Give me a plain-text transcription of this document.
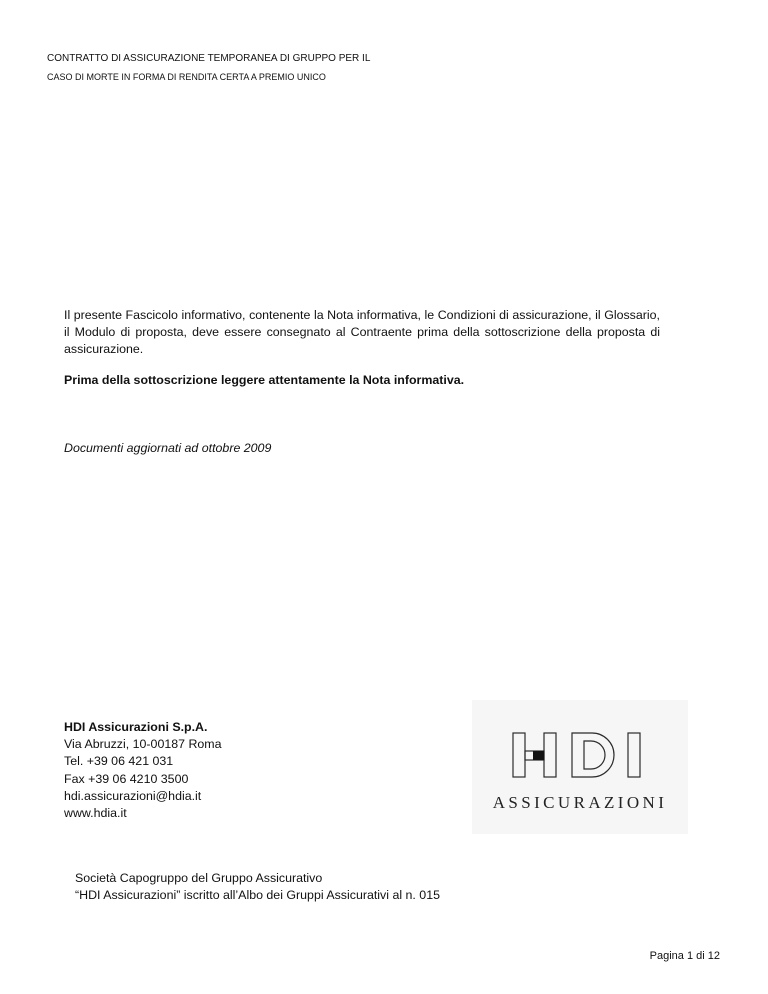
CONTRATTO DI ASSICURAZIONE TEMPORANEA DI GRUPPO PER IL
CASO DI MORTE IN FORMA DI RENDITA CERTA A PREMIO UNICO

Il presente Fascicolo informativo, contenente la Nota informativa, le Condizioni di assicurazione, il Glossario, il Modulo di proposta, deve essere consegnato al Contraente prima della sottoscrizione della proposta di assicurazione.

Prima della sottoscrizione leggere attentamente la Nota informativa.

Documenti aggiornati ad ottobre 2009

HDI Assicurazioni S.p.A.
Via Abruzzi, 10-00187 Roma
Tel. +39 06 421 031
Fax +39 06 4210 3500
hdi.assicurazioni@hdia.it
www.hdia.it
ASSICURAZIONI
Società Capogruppo del Gruppo Assicurativo
“HDI Assicurazioni” iscritto all’Albo dei Gruppi Assicurativi al n. 015
Pagina 1 di 12
